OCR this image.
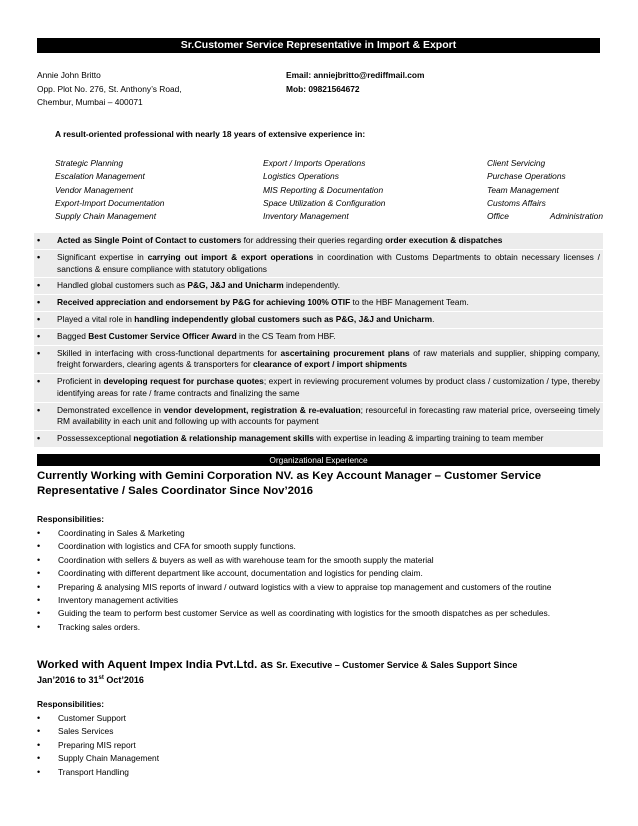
Sr.Customer Service Representative in Import & Export
Annie John Britto
Opp. Plot No. 276, St. Anthony’s Road,
Chembur, Mumbai – 400071
Email: anniejbritto@rediffmail.com
Mob: 09821564672
A result-oriented professional with nearly 18 years of extensive experience in:
Strategic Planning	Export / Imports Operations	Client Servicing
Escalation Management	Logistics Operations	Purchase Operations
Vendor Management	MIS Reporting & Documentation	Team Management
Export-Import Documentation	Space Utilization & Configuration	Customs Affairs
Supply Chain Management	Inventory Management	Office	Administration
•	Acted as Single Point of Contact to customers for addressing their queries regarding order execution & dispatches
•	Significant expertise in carrying out import & export operations in coordination with Customs Departments to obtain necessary licenses / sanctions & ensure compliance with statutory obligations
•	Handled global customers such as P&G, J&J and Unicharm independently.
•	Received appreciation and endorsement by P&G for achieving 100% OTIF to the HBF Management Team.
•	Played a vital role in handling independently global customers such as P&G, J&J and Unicharm.
•	Bagged Best Customer Service Officer Award in the CS Team from HBF.
•	Skilled in interfacing with cross-functional departments for ascertaining procurement plans of raw materials and supplier, shipping company, freight forwarders, clearing agents & transporters for clearance of export / import shipments
•	Proficient in developing request for purchase quotes; expert in reviewing procurement volumes by product class / customization / type, thereby identifying areas for rate / frame contracts and finalizing the same
•	Demonstrated excellence in vendor development, registration & re-evaluation; resourceful in forecasting raw material price, overseeing timely RM availability in each unit and following up with accounts for payment
•	Possessexceptional negotiation & relationship management skills with expertise in leading & imparting training to team member
Organizational Experience
Currently Working with Gemini Corporation NV. as Key Account Manager – Customer Service Representative / Sales Coordinator Since Nov’2016
Responsibilities:
•	Coordinating in Sales & Marketing
•	Coordination with logistics and CFA for smooth supply functions.
•	Coordination with sellers & buyers as well as with warehouse team for the smooth supply the material
•	Coordinating with different department like account, documentation and logistics for pending claim.
•	Preparing & analysing MIS reports of inward / outward logistics with a view to appraise top management and customers of the routine
•	Inventory management activities
•	Guiding the team to perform best customer Service as well as coordinating with logistics for the smooth dispatches as per schedules.
•	Tracking sales orders.
Worked with Aquent Impex India Pvt.Ltd. as Sr. Executive – Customer Service & Sales Support Since
Jan’2016 to 31st Oct’2016
Responsibilities:
•	Customer Support
•	Sales Services
•	Preparing MIS report
•	Supply Chain Management
•	Transport Handling
